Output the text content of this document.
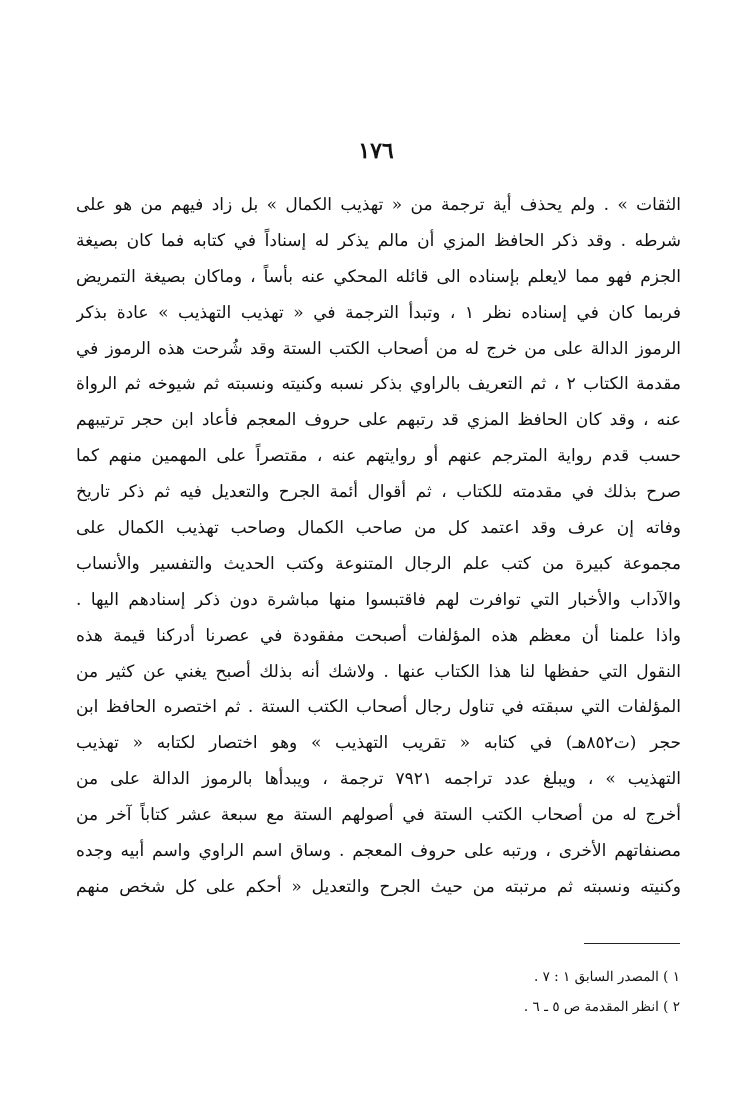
١٧٦
الثقات » . ولم يحذف أية ترجمة من « تهذيب الكمال » بل زاد فيهم من هو على
شرطه . وقد ذكر الحافظ المزي أن مالم يذكر له إسناداً في كتابه فما كان بصيغة
الجزم فهو مما لايعلم بإسناده الى قائله المحكي عنه بأساً ، وماكان بصيغة التمريض
فربما كان في إسناده نظر ١ ، وتبدأ الترجمة في « تهذيب التهذيب » عادة بذكر
الرموز الدالة على من خرج له من أصحاب الكتب الستة وقد شُرحت هذه الرموز في
مقدمة الكتاب ٢ ، ثم التعريف بالراوي بذكر نسبه وكنيته ونسبته ثم شيوخه ثم الرواة
عنه ، وقد كان الحافظ المزي قد رتبهم على حروف المعجم فأعاد ابن حجر ترتيبهم
حسب قدم رواية المترجم عنهم أو روايتهم عنه ، مقتصراً على المهمين منهم كما
صرح بذلك في مقدمته للكتاب ، ثم أقوال أئمة الجرح والتعديل فيه ثم ذكر تاريخ
وفاته إن عرف وقد اعتمد كل من صاحب الكمال وصاحب تهذيب الكمال على
مجموعة كبيرة من كتب علم الرجال المتنوعة وكتب الحديث والتفسير والأنساب
والآداب والأخبار التي توافرت لهم فاقتبسوا منها مباشرة دون ذكر إسنادهم اليها .
واذا علمنا أن معظم هذه المؤلفات أصبحت مفقودة في عصرنا أدركنا قيمة هذه
النقول التي حفظها لنا هذا الكتاب عنها . ولاشك أنه بذلك أصبح يغني عن كثير من
المؤلفات التي سبقته في تناول رجال أصحاب الكتب الستة . ثم اختصره الحافظ ابن
حجر (ت٨٥٢هـ) في كتابه « تقريب التهذيب » وهو اختصار لكتابه « تهذيب
التهذيب » ، ويبلغ عدد تراجمه ٧٩٢١ ترجمة ، ويبدأها بالرموز الدالة على من
أخرج له من أصحاب الكتب الستة في أصولهم الستة مع سبعة عشر كتاباً آخر من
مصنفاتهم الأخرى ، ورتبه على حروف المعجم . وساق اسم الراوي واسم أبيه وجده
وكنيته ونسبته ثم مرتبته من حيث الجرح والتعديل « أحكم على كل شخص منهم
١ ) المصدر السابق ١ : ٧ .
٢ ) انظر المقدمة ص ٥ ـ ٦ .
